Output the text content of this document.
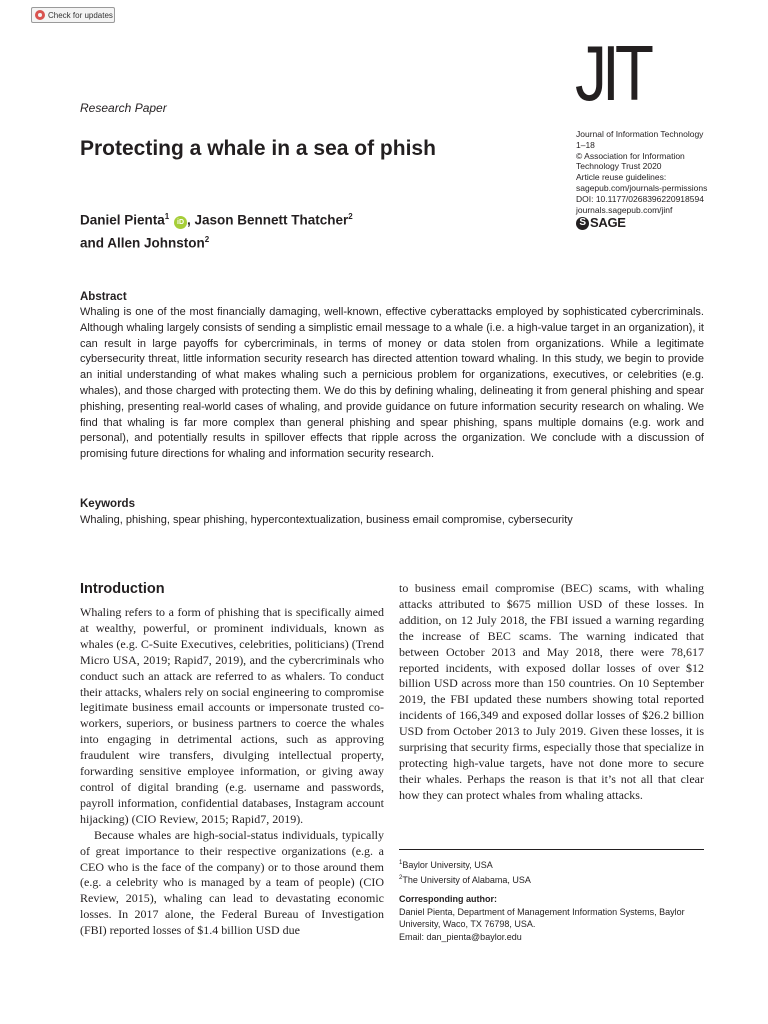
Check for updates
JIT
Research Paper
Protecting a whale in a sea of phish
Journal of Information Technology
1–18
© Association for Information
Technology Trust 2020
Article reuse guidelines:
sagepub.com/journals-permissions
DOI: 10.1177/0268396220918594
journals.sagepub.com/jinf
S SAGE
Daniel Pienta$^1$ iD , Jason Bennett Thatcher$^2$
and Allen Johnston$^2$
Abstract
Whaling is one of the most financially damaging, well-known, effective cyberattacks employed by sophisticated cybercriminals. Although whaling largely consists of sending a simplistic email message to a whale (i.e. a high-value target in an organization), it can result in large payoffs for cybercriminals, in terms of money or data stolen from organizations. While a legitimate cybersecurity threat, little information security research has directed attention toward whaling. In this study, we begin to provide an initial understanding of what makes whaling such a pernicious problem for organizations, executives, or celebrities (e.g. whales), and those charged with protecting them. We do this by defining whaling, delineating it from general phishing and spear phishing, presenting real-world cases of whaling, and provide guidance on future information security research on whaling. We find that whaling is far more complex than general phishing and spear phishing, spans multiple domains (e.g. work and personal), and potentially results in spillover effects that ripple across the organization. We conclude with a discussion of promising future directions for whaling and information security research.
Keywords
Whaling, phishing, spear phishing, hypercontextualization, business email compromise, cybersecurity
Introduction

Whaling refers to a form of phishing that is specifically aimed at wealthy, powerful, or prominent individuals, known as whales (e.g. C-Suite Executives, celebrities, politicians) (Trend Micro USA, 2019; Rapid7, 2019), and the cybercriminals who conduct such an attack are referred to as whalers. To conduct their attacks, whalers rely on social engineering to compromise legitimate business email accounts or impersonate trusted co-workers, superiors, or business partners to coerce the whales into engaging in detrimental actions, such as approving fraudulent wire transfers, divulging intellectual property, forwarding sensitive employee information, or giving away control of digital branding (e.g. username and passwords, payroll information, confidential databases, Instagram account hijacking) (CIO Review, 2015; Rapid7, 2019).

Because whales are high-social-status individuals, typically of great importance to their respective organizations (e.g. a CEO who is the face of the company) or to those around them (e.g. a celebrity who is managed by a team of people) (CIO Review, 2015), whaling can lead to devastating economic losses. In 2017 alone, the Federal Bureau of Investigation (FBI) reported losses of $1.4 billion USD due

to business email compromise (BEC) scams, with whaling attacks attributed to $675 million USD of these losses. In addition, on 12 July 2018, the FBI issued a warning regarding the increase of BEC scams. The warning indicated that between October 2013 and May 2018, there were 78,617 reported incidents, with exposed dollar losses of over $12 billion USD across more than 150 countries. On 10 September 2019, the FBI updated these numbers showing total reported incidents of 166,349 and exposed dollar losses of $26.2 billion USD from October 2013 to July 2019. Given these losses, it is surprising that security firms, especially those that specialize in protecting high-value targets, have not done more to secure their whales. Perhaps the reason is that it’s not all that clear how they can protect whales from whaling attacks.

$^1$Baylor University, USA
$^2$The University of Alabama, USA
Corresponding author:
Daniel Pienta, Department of Management Information Systems, Baylor
University, Waco, TX 76798, USA.
Email: dan_pienta@baylor.edu
